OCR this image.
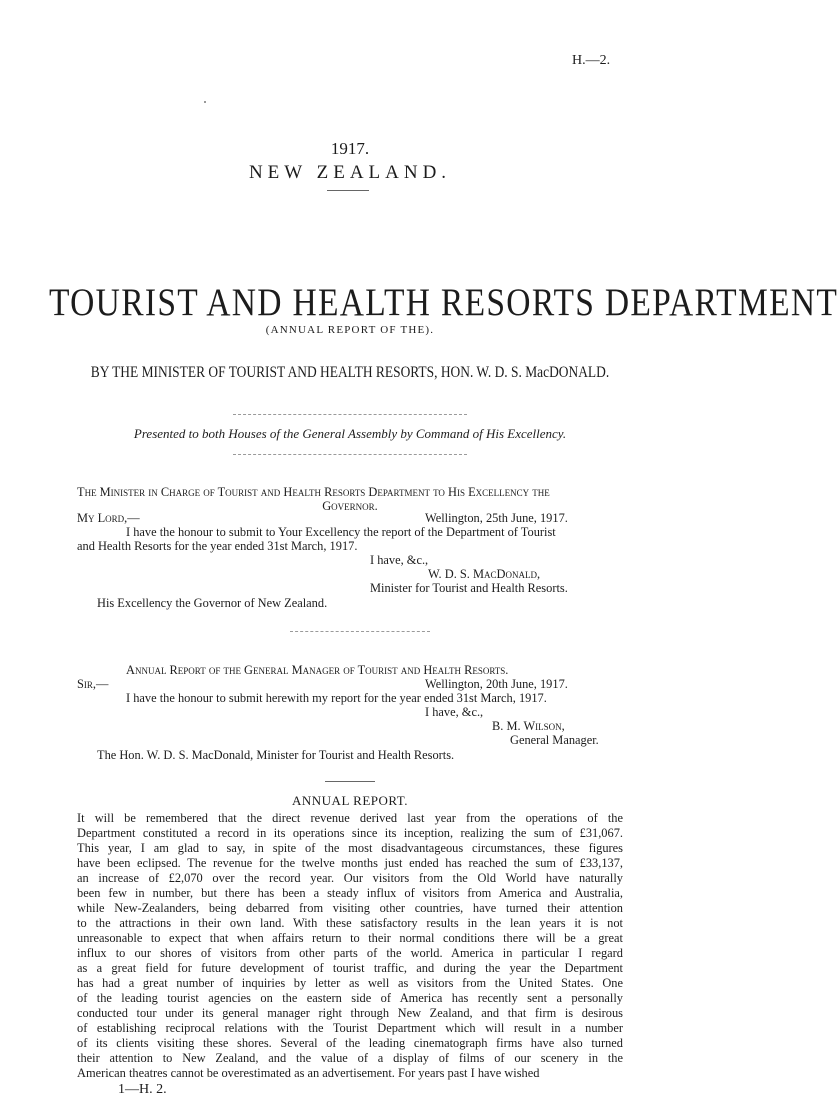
H.—2.
1917.
NEW ZEALAND.
TOURIST AND HEALTH RESORTS DEPARTMENT
(ANNUAL REPORT OF THE).
BY THE MINISTER OF TOURIST AND HEALTH RESORTS, HON. W. D. S. MacDONALD.
Presented to both Houses of the General Assembly by Command of His Excellency.
The Minister in Charge of Tourist and Health Resorts Department to His Excellency the
Governor.
My Lord,—	Wellington, 25th June, 1917.
I have the honour to submit to Your Excellency the report of the Department of Tourist
and Health Resorts for the year ended 31st March, 1917.
I have, &c.,
W. D. S. MacDonald,
Minister for Tourist and Health Resorts.
His Excellency the Governor of New Zealand.
Annual Report of the General Manager of Tourist and Health Resorts.
Sir,—	Wellington, 20th June, 1917.
I have the honour to submit herewith my report for the year ended 31st March, 1917.
I have, &c.,
B. M. Wilson,
General Manager.
The Hon. W. D. S. MacDonald, Minister for Tourist and Health Resorts.
ANNUAL REPORT.
It will be remembered that the direct revenue derived last year from the operations of the
Department constituted a record in its operations since its inception, realizing the sum of £31,067.
This year, I am glad to say, in spite of the most disadvantageous circumstances, these figures
have been eclipsed. The revenue for the twelve months just ended has reached the sum of £33,137,
an increase of £2,070 over the record year. Our visitors from the Old World have naturally
been few in number, but there has been a steady influx of visitors from America and Australia,
while New-Zealanders, being debarred from visiting other countries, have turned their attention
to the attractions in their own land. With these satisfactory results in the lean years it is not
unreasonable to expect that when affairs return to their normal conditions there will be a great
influx to our shores of visitors from other parts of the world. America in particular I regard
as a great field for future development of tourist traffic, and during the year the Department
has had a great number of inquiries by letter as well as visitors from the United States. One
of the leading tourist agencies on the eastern side of America has recently sent a personally
conducted tour under its general manager right through New Zealand, and that firm is desirous
of establishing reciprocal relations with the Tourist Department which will result in a number
of its clients visiting these shores. Several of the leading cinematograph firms have also turned
their attention to New Zealand, and the value of a display of films of our scenery in the
American theatres cannot be overestimated as an advertisement. For years past I have wished
1—H. 2.
